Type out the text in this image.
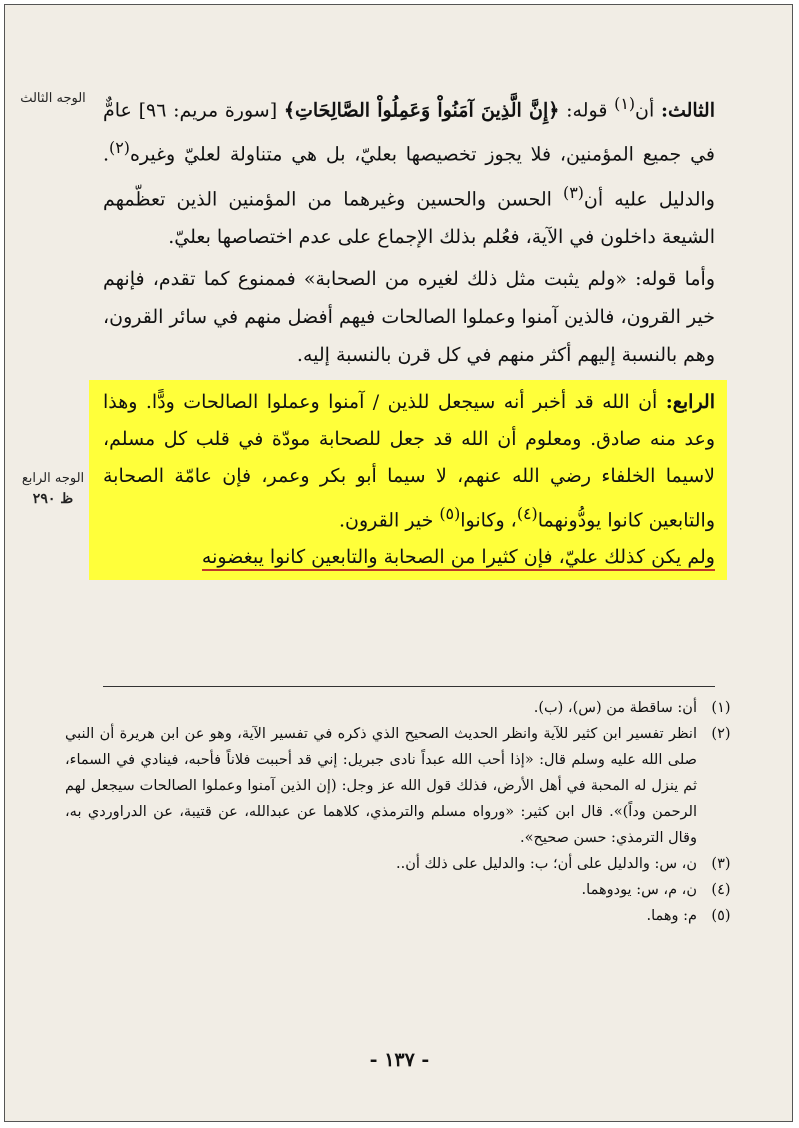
الوجه الثالث
الوجه الرابع
ظ ٢٩٠

الثالث: أن$^{(١)}$ قوله: ﴿إِنَّ الَّذِينَ آمَنُواْ وَعَمِلُواْ الصَّالِحَاتِ﴾ [سورة مريم: ٩٦] عامٌّ في جميع المؤمنين، فلا يجوز تخصيصها بعليّ، بل هي متناولة لعليّ وغيره$^{(٢)}$. والدليل عليه أن$^{(٣)}$ الحسن والحسين وغيرهما من المؤمنين الذين تعظّمهم الشيعة داخلون في الآية، فعُلم بذلك الإجماع على عدم اختصاصها بعليّ.

وأما قوله: «ولم يثبت مثل ذلك لغيره من الصحابة» فممنوع كما تقدم، فإنهم خير القرون، فالذين آمنوا وعملوا الصالحات فيهم أفضل منهم في سائر القرون، وهم بالنسبة إليهم أكثر منهم في كل قرن بالنسبة إليه.

الرابع: أن الله قد أخبر أنه سيجعل للذين / آمنوا وعملوا الصالحات ودًّا. وهذا وعد منه صادق. ومعلوم أن الله قد جعل للصحابة مودّة في قلب كل مسلم، لاسيما الخلفاء رضي الله عنهم، لا سيما أبو بكر وعمر، فإن عامّة الصحابة والتابعين كانوا يودُّونهما$^{(٤)}$، وكانوا$^{(٥)}$ خير القرون.
ولم يكن كذلك عليّ، فإن كثيرا من الصحابة والتابعين كانوا يبغضونه

(١)
أن: ساقطة من (س)، (ب).
(٢)
انظر تفسير ابن كثير للآية وانظر الحديث الصحيح الذي ذكره في تفسير الآية، وهو عن ابن هريرة أن النبي صلى الله عليه وسلم قال: «إذا أحب الله عبداً نادى جبريل: إني قد أحببت فلاناً فأحبه، فينادي في السماء، ثم ينزل له المحبة في أهل الأرض، فذلك قول الله عز وجل: (إن الذين آمنوا وعملوا الصالحات سيجعل لهم الرحمن وداً)». قال ابن كثير: «ورواه مسلم والترمذي، كلاهما عن عبدالله، عن قتيبة، عن الدراوردي به، وقال الترمذي: حسن صحيح».
(٣)
ن، س: والدليل على أن؛ ب: والدليل على ذلك أن..
(٤)
ن، م، س: يودوهما.
(٥)
م: وهما.
- ١٣٧ -
